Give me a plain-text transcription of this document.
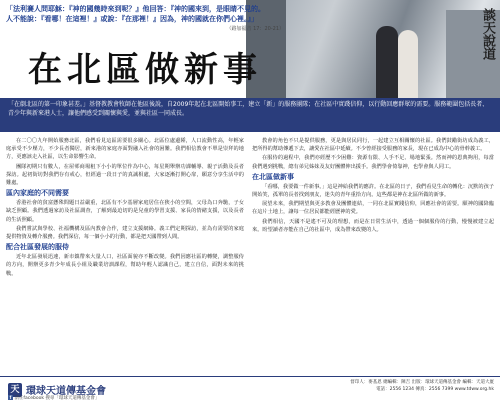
談天說道
「法利賽人問耶穌：『神的國幾時來到呢？』他回答：『神的國來到，是眼睛不見的。
人不能說：『看哪！在這裡！』或說：『在那裡！』因為，神的國就在你們心裡。』」
（路加福音 17：20-21）
在北區做新事
「在劇北區的第一印象甚差。」基督教教會牧師在他區後說，自2009年起在北區開始事工，建立「新」的服務團隊；在社區中實踐信仰，以行動回應群眾的需要。服務範圍包括長者、青少年與新來港人士，讓他們感受到關懷與愛，並與社區一同成長。

在二〇〇九年開始服務北區，我們看見這區需要很多關心。北區位處邊陲，人口流動性高，年輕家庭承受不少壓力，不少長者獨居，新來港的家庭亦面對融入社會的困難。我們相信教會不單是崇拜的地方，更應該走入社區，以生命影響生命。

團隊初期只有數人，在屋邨商場租下小小的單位作為中心，每星期舉辦功課輔導、親子活動及長者探訪。起初街坊對我們存有戒心，但經過一段日子的真誠相處，大家逐漸打開心扉，願意分享生活中的難處。

區內家庭的不同需要

香港社會的貧富懸殊問題日益嚴重，北區有不少基層家庭居住在狹小的空間，父母為口奔馳，子女缺乏照顧。我們透過家訪及社區調查，了解到最迫切的是兒童的學習支援、家長的情緒支援，以及長者的生活照顧。

我們嘗試與學校、社福機構及區內教會合作，建立支援網絡。義工們定期探訪，並為有需要的家庭提供物資及轉介服務。我們深信，每一個小小的行動，都是把天國帶到人間。

配合社區發展的服侍

近年北區發展迅速，新市鎮帶來大量人口，社區面貌亦不斷改變。我們因應社區的轉變，調整服侍的方向，開辦更多青少年成長小組及職業培訓課程，幫助年輕人認識自己，建立自信，面對未來的挑戰。

教會的角色不只是提供服務，更是與居民同行，一起建立互相關懷的社區。我們鼓勵街坊成為義工，把所得的幫助傳遞下去，讓愛在社區中延續。不少曾經接受服務的家長，現在已成為中心的骨幹義工。

在服侍的過程中，我們亦經歷不少困難：資源有限、人手不足、場地緊張。然而神的恩典夠用，每當我們遇到挑戰，總有弟兄姊妹及友好團體伸出援手。我們學會倚靠神，也學會與人同工。

在北區做新事

「看哪，我要做一件新事。」這是神給我們的應許。在北區的日子，我們看見生命的轉化：沉默的孩子開始笑，孤單的長者找到朋友，迷失的青年重拾方向。這些都是神在北區所做的新事。

展望未來，我們期望與更多教會及團體連結，一同在北區實踐信仰，回應社會的需要。願神的國降臨在這片土地上，讓每一位居民都能經歷神的愛。

我們相信，天國不是遙不可及的理想，而是在日常生活中，透過一個個服侍的行動，慢慢被建立起來。盼望讀者亦能在自己的社區中，成為帶來改變的人。

天 環球天道傳基金會
f 請在facebook 搜尋「環球天道傳基金會」
督印人：麥基恩 總編輯：陳吉 出版：環球天道傳基金會 編輯：天道大廈
電話：2556 1234 傳真：2556 7399 www.tdww.org.hk
